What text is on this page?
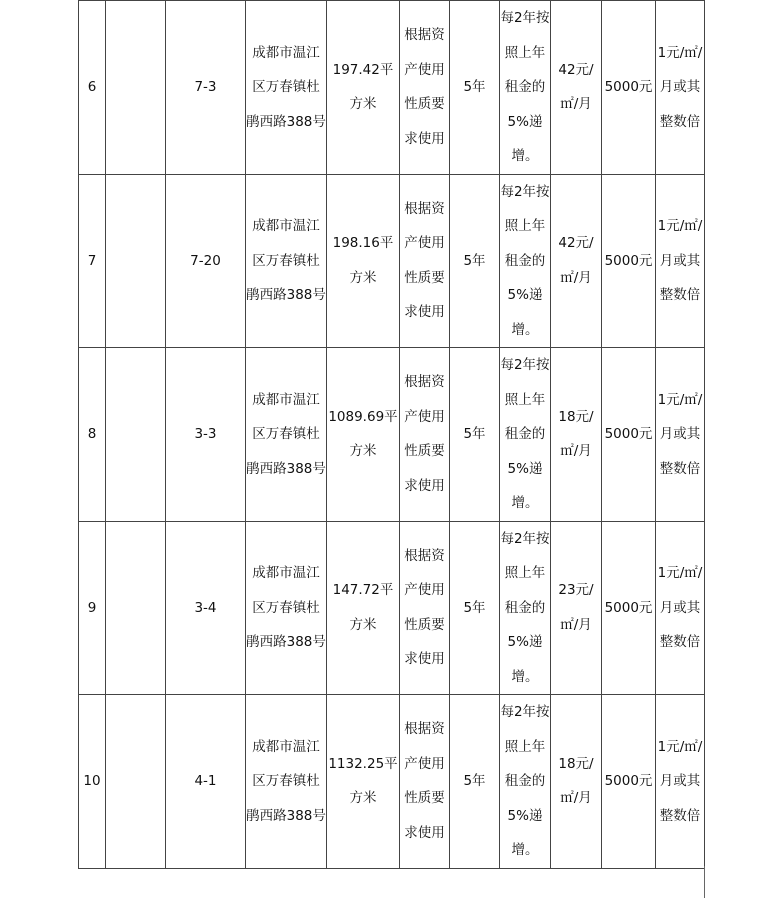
6		7-3	成都市温江区万春镇杜鹃西路388号	197.42平方米	根据资产使用性质要求使用	5年	每2年按照上年租金的5%递增。	42元/㎡/月	5000元	1元/㎡/月或其整数倍
7		7-20	成都市温江区万春镇杜鹃西路388号	198.16平方米	根据资产使用性质要求使用	5年	每2年按照上年租金的5%递增。	42元/㎡/月	5000元	1元/㎡/月或其整数倍
8		3-3	成都市温江区万春镇杜鹃西路388号	1089.69平方米	根据资产使用性质要求使用	5年	每2年按照上年租金的5%递增。	18元/㎡/月	5000元	1元/㎡/月或其整数倍
9		3-4	成都市温江区万春镇杜鹃西路388号	147.72平方米	根据资产使用性质要求使用	5年	每2年按照上年租金的5%递增。	23元/㎡/月	5000元	1元/㎡/月或其整数倍
10		4-1	成都市温江区万春镇杜鹃西路388号	1132.25平方米	根据资产使用性质要求使用	5年	每2年按照上年租金的5%递增。	18元/㎡/月	5000元	1元/㎡/月或其整数倍
